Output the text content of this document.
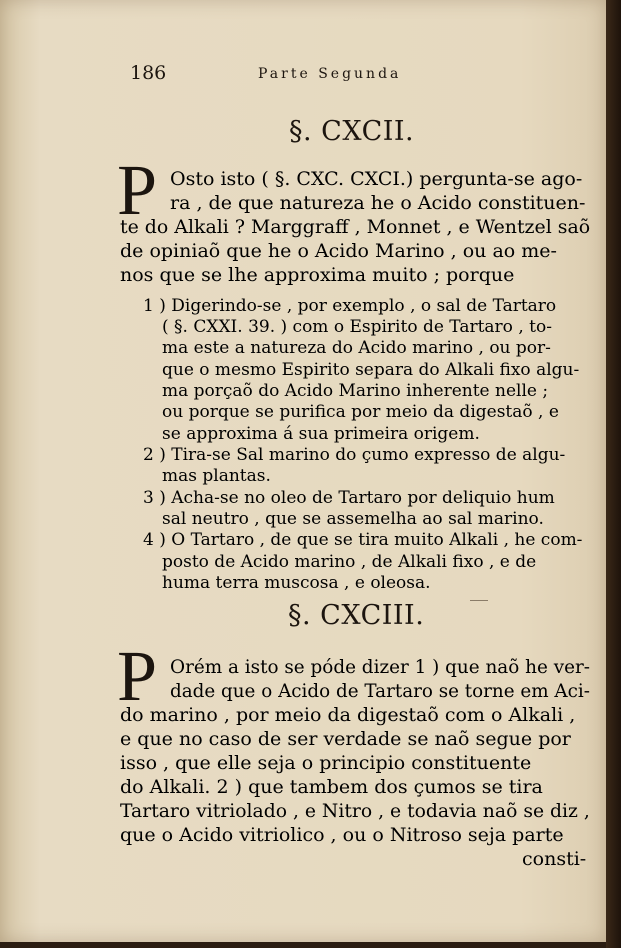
186	Parte Segunda
§. CXCII.
P Osto isto ( §. CXC. CXCI.) pergunta-se ago-
ra , de que natureza he o Acido constituen-
te do Alkali ? Marggraff , Monnet , e Wentzel saõ
de opiniaõ que he o Acido Marino , ou ao me-
nos que se lhe approxima muito ; porque
1 ) Digerindo-se , por exemplo , o sal de Tartaro
( §. CXXI. 39. ) com o Espirito de Tartaro , to-
ma este a natureza do Acido marino , ou por-
que o mesmo Espirito separa do Alkali fixo algu-
ma porçaõ do Acido Marino inherente nelle ;
ou porque se purifica por meio da digestaõ , e
se approxima á sua primeira origem.
2 ) Tira-se Sal marino do çumo expresso de algu-
mas plantas.
3 ) Acha-se no oleo de Tartaro por deliquio hum
sal neutro , que se assemelha ao sal marino.
4 ) O Tartaro , de que se tira muito Alkali , he com-
posto de Acido marino , de Alkali fixo , e de
huma terra muscosa , e oleosa.
§. CXCIII.
P Orém a isto se póde dizer 1 ) que naõ he ver-
dade que o Acido de Tartaro se torne em Aci-
do marino , por meio da digestaõ com o Alkali ,
e que no caso de ser verdade se naõ segue por
isso , que elle seja o principio constituente
do Alkali. 2 ) que tambem dos çumos se tira
Tartaro vitriolado , e Nitro , e todavia naõ se diz ,
que o Acido vitriolico , ou o Nitroso seja parte
consti-
